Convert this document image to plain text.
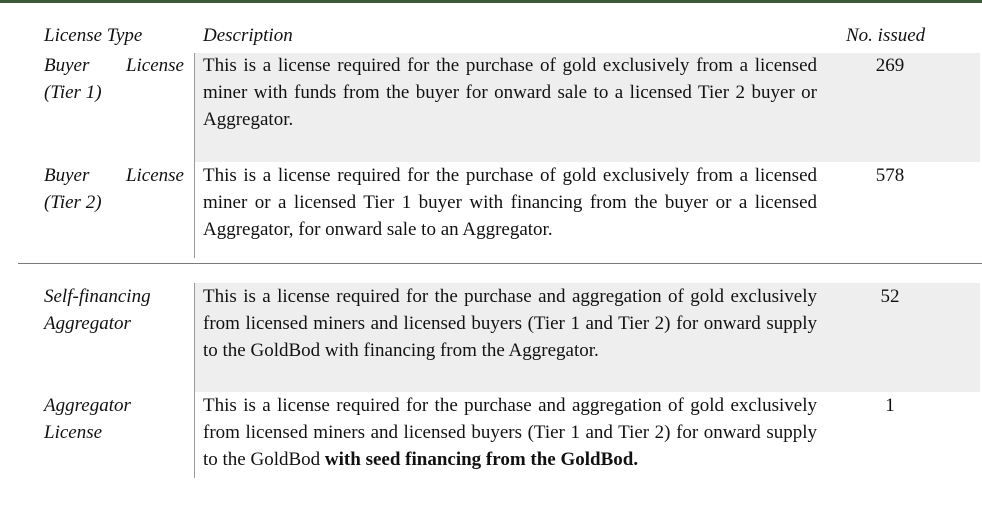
License Type	Description	No. issued
Buyer License
(Tier 1)
This is a license required for the purchase of gold exclusively from a licensed miner with funds from the buyer for onward sale to a licensed Tier 2 buyer or Aggregator.
269
Buyer License
(Tier 2)
This is a license required for the purchase of gold exclusively from a licensed miner or a licensed Tier 1 buyer with financing from the buyer or a licensed Aggregator, for onward sale to an Aggregator.
578
Self-financing
Aggregator
This is a license required for the purchase and aggregation of gold exclusively from licensed miners and licensed buyers (Tier 1 and Tier 2) for onward supply to the GoldBod with financing from the Aggregator.
52
Aggregator
License
This is a license required for the purchase and aggregation of gold exclusively from licensed miners and licensed buyers (Tier 1 and Tier 2) for onward supply to the GoldBod with seed financing from the GoldBod.
1
